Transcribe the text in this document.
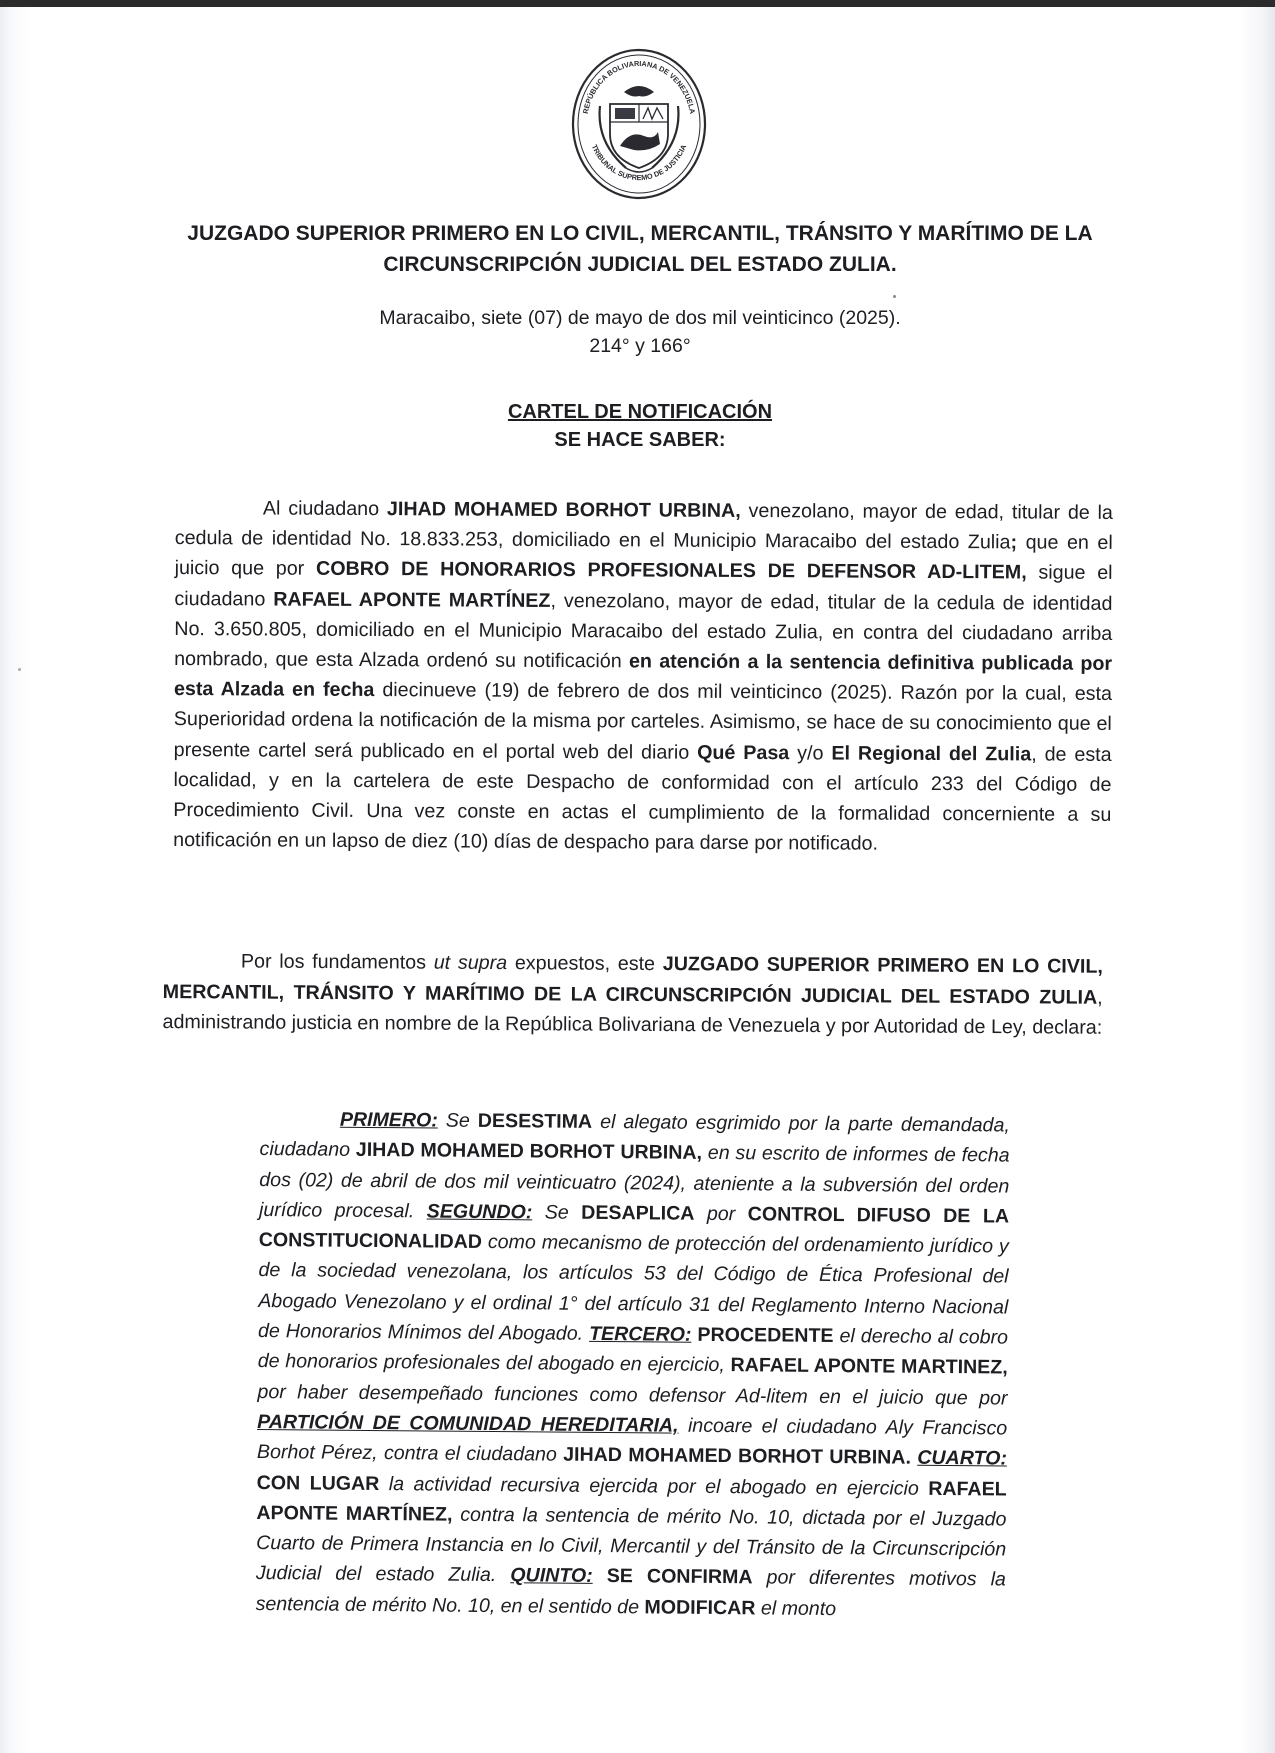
REPÚBLICA BOLIVARIANA DE VENEZUELA
TRIBUNAL SUPREMO DE JUSTICIA
JUZGADO SUPERIOR PRIMERO EN LO CIVIL, MERCANTIL, TRÁNSITO Y MARÍTIMO DE LA
CIRCUNSCRIPCIÓN JUDICIAL DEL ESTADO ZULIA.
Maracaibo, siete (07) de mayo de dos mil veinticinco (2025).
214° y 166°
CARTEL DE NOTIFICACIÓN
SE HACE SABER:
Al ciudadano JIHAD MOHAMED BORHOT URBINA, venezolano, mayor de edad, titular de la cedula de identidad No. 18.833.253, domiciliado en el Municipio Maracaibo del estado Zulia; que en el juicio que por COBRO DE HONORARIOS PROFESIONALES DE DEFENSOR AD-LITEM, sigue el ciudadano RAFAEL APONTE MARTÍNEZ, venezolano, mayor de edad, titular de la cedula de identidad No. 3.650.805, domiciliado en el Municipio Maracaibo del estado Zulia, en contra del ciudadano arriba nombrado, que esta Alzada ordenó su notificación en atención a la sentencia definitiva publicada por esta Alzada en fecha diecinueve (19) de febrero de dos mil veinticinco (2025). Razón por la cual, esta Superioridad ordena la notificación de la misma por carteles. Asimismo, se hace de su conocimiento que el presente cartel será publicado en el portal web del diario Qué Pasa y/o El Regional del Zulia, de esta localidad, y en la cartelera de este Despacho de conformidad con el artículo 233 del Código de Procedimiento Civil. Una vez conste en actas el cumplimiento de la formalidad concerniente a su notificación en un lapso de diez (10) días de despacho para darse por notificado.
Por los fundamentos ut supra expuestos, este JUZGADO SUPERIOR PRIMERO EN LO CIVIL, MERCANTIL, TRÁNSITO Y MARÍTIMO DE LA CIRCUNSCRIPCIÓN JUDICIAL DEL ESTADO ZULIA, administrando justicia en nombre de la República Bolivariana de Venezuela y por Autoridad de Ley, declara:
PRIMERO: Se DESESTIMA el alegato esgrimido por la parte demandada, ciudadano JIHAD MOHAMED BORHOT URBINA, en su escrito de informes de fecha dos (02) de abril de dos mil veinticuatro (2024), ateniente a la subversión del orden jurídico procesal. SEGUNDO: Se DESAPLICA por CONTROL DIFUSO DE LA CONSTITUCIONALIDAD como mecanismo de protección del ordenamiento jurídico y de la sociedad venezolana, los artículos 53 del Código de Ética Profesional del Abogado Venezolano y el ordinal 1° del artículo 31 del Reglamento Interno Nacional de Honorarios Mínimos del Abogado. TERCERO: PROCEDENTE el derecho al cobro de honorarios profesionales del abogado en ejercicio, RAFAEL APONTE MARTINEZ, por haber desempeñado funciones como defensor Ad-litem en el juicio que por PARTICIÓN DE COMUNIDAD HEREDITARIA, incoare el ciudadano Aly Francisco Borhot Pérez, contra el ciudadano JIHAD MOHAMED BORHOT URBINA. CUARTO: CON LUGAR la actividad recursiva ejercida por el abogado en ejercicio RAFAEL APONTE MARTÍNEZ, contra la sentencia de mérito No. 10, dictada por el Juzgado Cuarto de Primera Instancia en lo Civil, Mercantil y del Tránsito de la Circunscripción Judicial del estado Zulia. QUINTO: SE CONFIRMA por diferentes motivos la sentencia de mérito No. 10, en el sentido de MODIFICAR el monto
